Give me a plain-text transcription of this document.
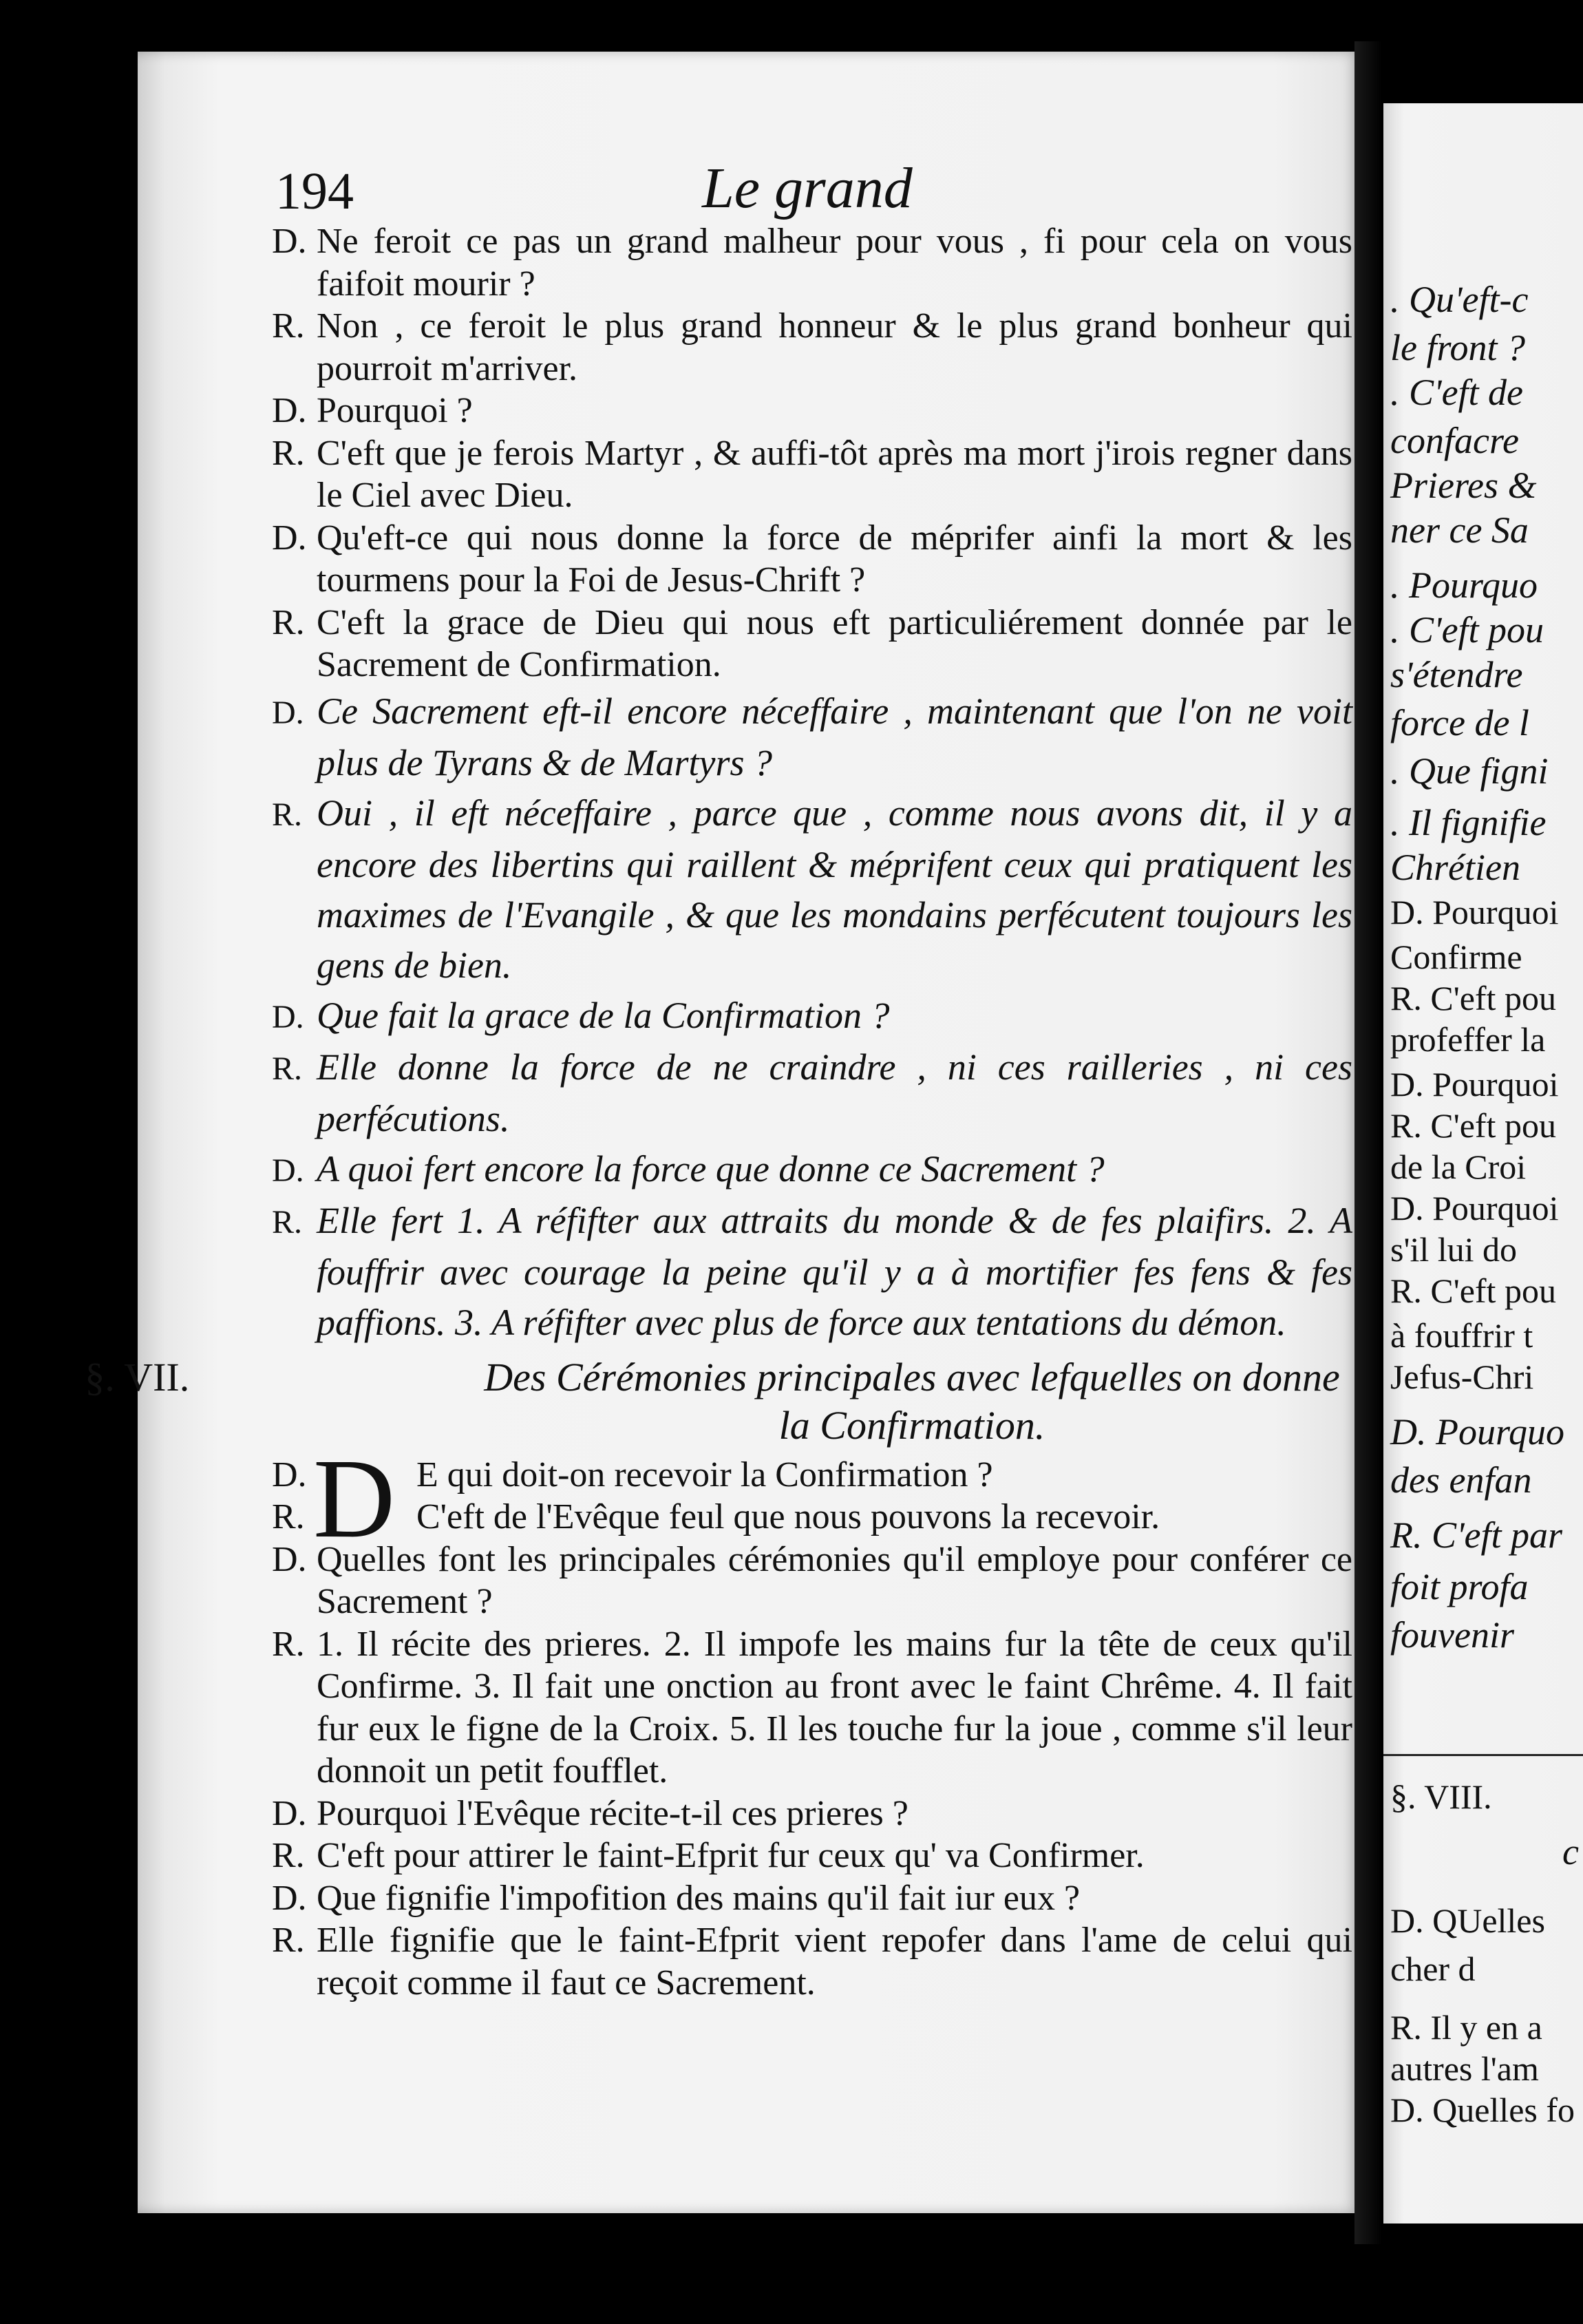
194	Le grand

D. Ne feroit ce pas un grand malheur pour vous , fi pour cela on vous faifoit mourir ?

R. Non , ce feroit le plus grand honneur & le plus grand bonheur qui pourroit m'arriver.

D. Pourquoi ?

R. C'eft que je ferois Martyr , & auffi-tôt après ma mort j'irois regner dans le Ciel avec Dieu.

D. Qu'eft-ce qui nous donne la force de méprifer ainfi la mort & les tourmens pour la Foi de Jesus-Chrift ?

R. C'eft la grace de Dieu qui nous eft particuliérement donnée par le Sacrement de Confirmation.

D. Ce Sacrement eft-il encore néceffaire , maintenant que l'on ne voit plus de Tyrans & de Martyrs ?

R. Oui , il eft néceffaire , parce que , comme nous avons dit, il y a encore des libertins qui raillent & méprifent ceux qui pratiquent les maximes de l'Evangile , & que les mondains perfécutent toujours les gens de bien.

D. Que fait la grace de la Confirmation ?

R. Elle donne la force de ne craindre , ni ces railleries , ni ces perfécutions.

D. A quoi fert encore la force que donne ce Sacrement ?

R. Elle fert 1. A réfifter aux attraits du monde & de fes plaifirs. 2. A fouffrir avec courage la peine qu'il y a à mortifier fes fens & fes paffions. 3. A réfifter avec plus de force aux tentations du démon.

§. VII.	Des Cérémonies principales avec lefquelles on donne la Confirmation.
D

D.	E qui doit-on recevoir la Confirmation ?

R.	C'eft de l'Evêque feul que nous pouvons la recevoir.

D. Quelles font les principales cérémonies qu'il employe pour conférer ce Sacrement ?

R. 1. Il récite des prieres. 2. Il impofe les mains fur la tête de ceux qu'il Confirme. 3. Il fait une onction au front avec le faint Chrême. 4. Il fait fur eux le figne de la Croix. 5. Il les touche fur la joue , comme s'il leur donnoit un petit foufflet.

D. Pourquoi l'Evêque récite-t-il ces prieres ?

R. C'eft pour attirer le faint-Efprit fur ceux qu' va Confirmer.

D. Que fignifie l'impofition des mains qu'il fait iur eux ?

R. Elle fignifie que le faint-Efprit vient repofer dans l'ame de celui qui reçoit comme il faut ce Sacrement.

. Qu'eft-c
le front ?
. C'eft de
confacre
Prieres &
ner ce Sa
. Pourquo
. C'eft pou
s'étendre
force de l
. Que figni
. Il fignifie
Chrétien
D. Pourquoi
Confirme
R. C'eft pou
profeffer la
D. Pourquoi
R. C'eft pou
de la Croi
D. Pourquoi
s'il lui do
R. C'eft pou
à fouffrir t
Jefus-Chri
D. Pourquo
des enfan
R. C'eft par
foit profa
fouvenir
§. VIII.
c
D. QUelles
cher d
R. Il y en a
autres l'am
D. Quelles fo
